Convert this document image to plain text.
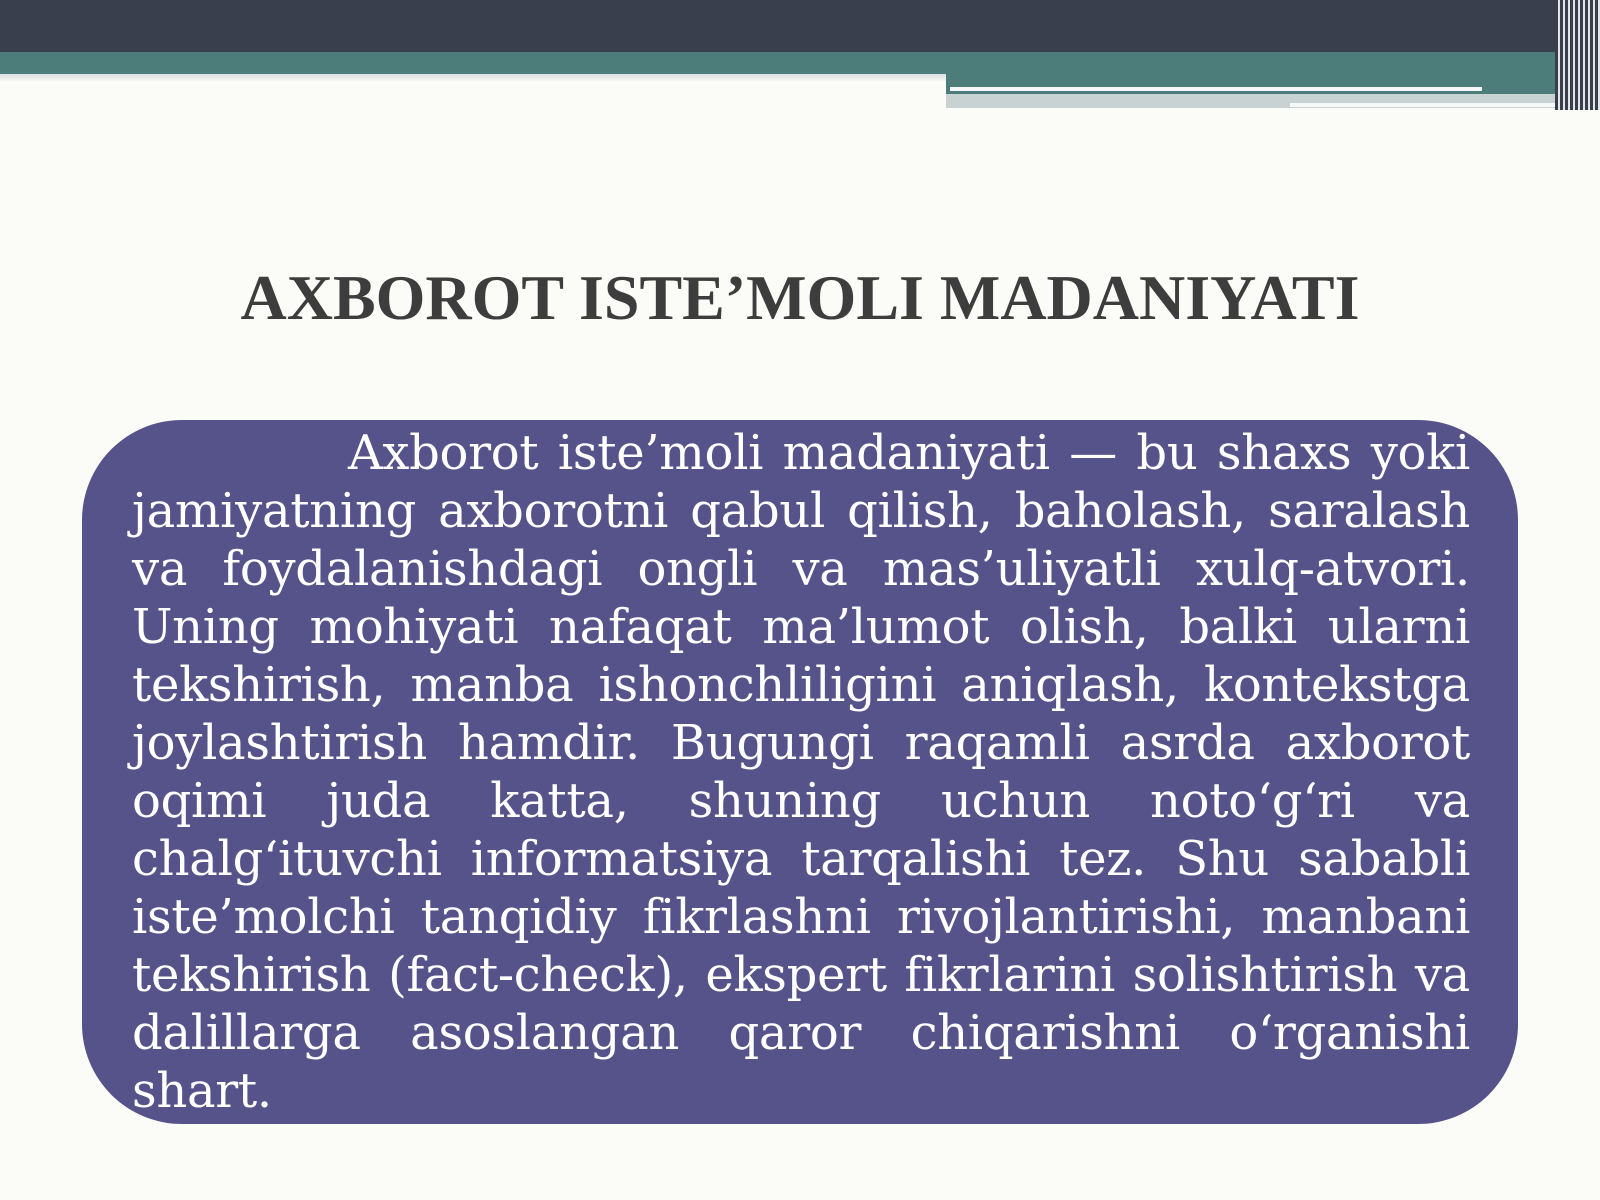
AXBOROT ISTE’MOLI MADANIYATI

Axborot iste’moli madaniyati — bu shaxs yoki jamiyatning axborotni qabul qilish, baholash, saralash va foydalanishdagi ongli va mas’uliyatli xulq-atvori. Uning mohiyati nafaqat ma’lumot olish, balki ularni tekshirish, manba ishonchliligini aniqlash, kontekstga joylashtirish hamdir. Bugungi raqamli asrda axborot oqimi juda katta, shuning uchun noto‘g‘ri va chalg‘ituvchi informatsiya tarqalishi tez. Shu sababli iste’molchi tanqidiy fikrlashni rivojlantirishi, manbani tekshirish (fact-check), ekspert fikrlarini solishtirish va dalillarga asoslangan qaror chiqarishni o‘rganishi shart.
